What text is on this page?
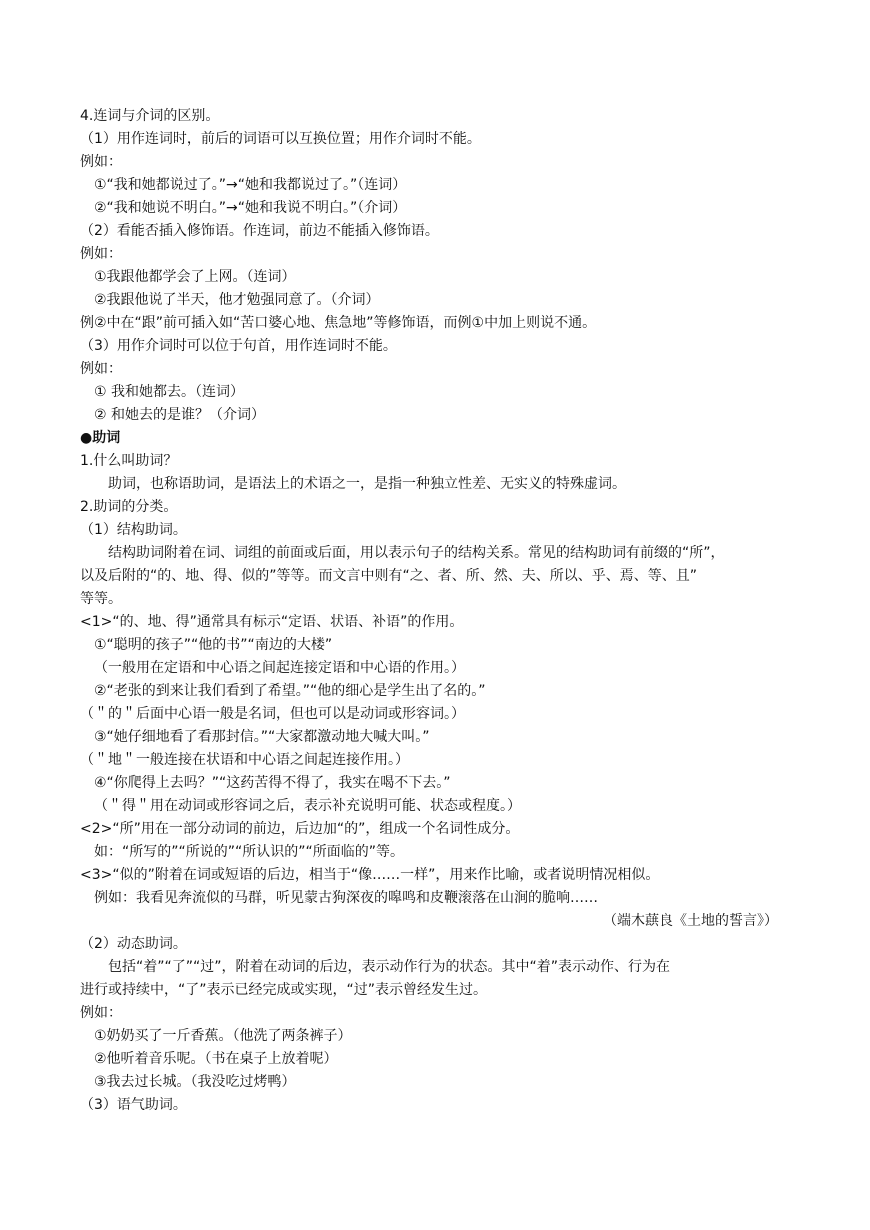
4.连词与介词的区别。
（1）用作连词时，前后的词语可以互换位置；用作介词时不能。
例如：
①“我和她都说过了。”→“她和我都说过了。”（连词）
②“我和她说不明白。”→“她和我说不明白。”（介词）
（2）看能否插入修饰语。作连词，前边不能插入修饰语。
例如：
①我跟他都学会了上网。（连词）
②我跟他说了半天，他才勉强同意了。（介词）
例②中在“跟”前可插入如“苦口婆心地、焦急地”等修饰语，而例①中加上则说不通。
（3）用作介词时可以位于句首，用作连词时不能。
例如：
① 我和她都去。（连词）
② 和她去的是谁？（介词）
●助词
1.什么叫助词？
助词，也称语助词，是语法上的术语之一，是指一种独立性差、无实义的特殊虚词。
2.助词的分类。
（1）结构助词。
结构助词附着在词、词组的前面或后面，用以表示句子的结构关系。常见的结构助词有前缀的“所”，
以及后附的“的、地、得、似的”等等。而文言中则有“之、者、所、然、夫、所以、乎、焉、等、且”
等等。
<1>“的、地、得”通常具有标示“定语、状语、补语”的作用。
①“聪明的孩子”“他的书”“南边的大楼”
（一般用在定语和中心语之间起连接定语和中心语的作用。）
②“老张的到来让我们看到了希望。”“他的细心是学生出了名的。”
（＂的＂后面中心语一般是名词，但也可以是动词或形容词。）
③“她仔细地看了看那封信。”“大家都激动地大喊大叫。”
（＂地＂一般连接在状语和中心语之间起连接作用。）
④“你爬得上去吗？”“这药苦得不得了，我实在喝不下去。”
（＂得＂用在动词或形容词之后，表示补充说明可能、状态或程度。）
<2>“所”用在一部分动词的前边，后边加“的”，组成一个名词性成分。
如：“所写的”“所说的”“所认识的”“所面临的”等。
<3>“似的”附着在词或短语的后边，相当于“像……一样”，用来作比喻，或者说明情况相似。
例如：我看见奔流似的马群，听见蒙古狗深夜的嗥鸣和皮鞭滚落在山涧的脆响……
（端木蕻良《土地的誓言》）
（2）动态助词。
包括“着”“了”“过”，附着在动词的后边，表示动作行为的状态。其中“着”表示动作、行为在
进行或持续中，“了”表示已经完成或实现，“过”表示曾经发生过。
例如：
①奶奶买了一斤香蕉。（他洗了两条裤子）
②他听着音乐呢。（书在桌子上放着呢）
③我去过长城。（我没吃过烤鸭）
（3）语气助词。
